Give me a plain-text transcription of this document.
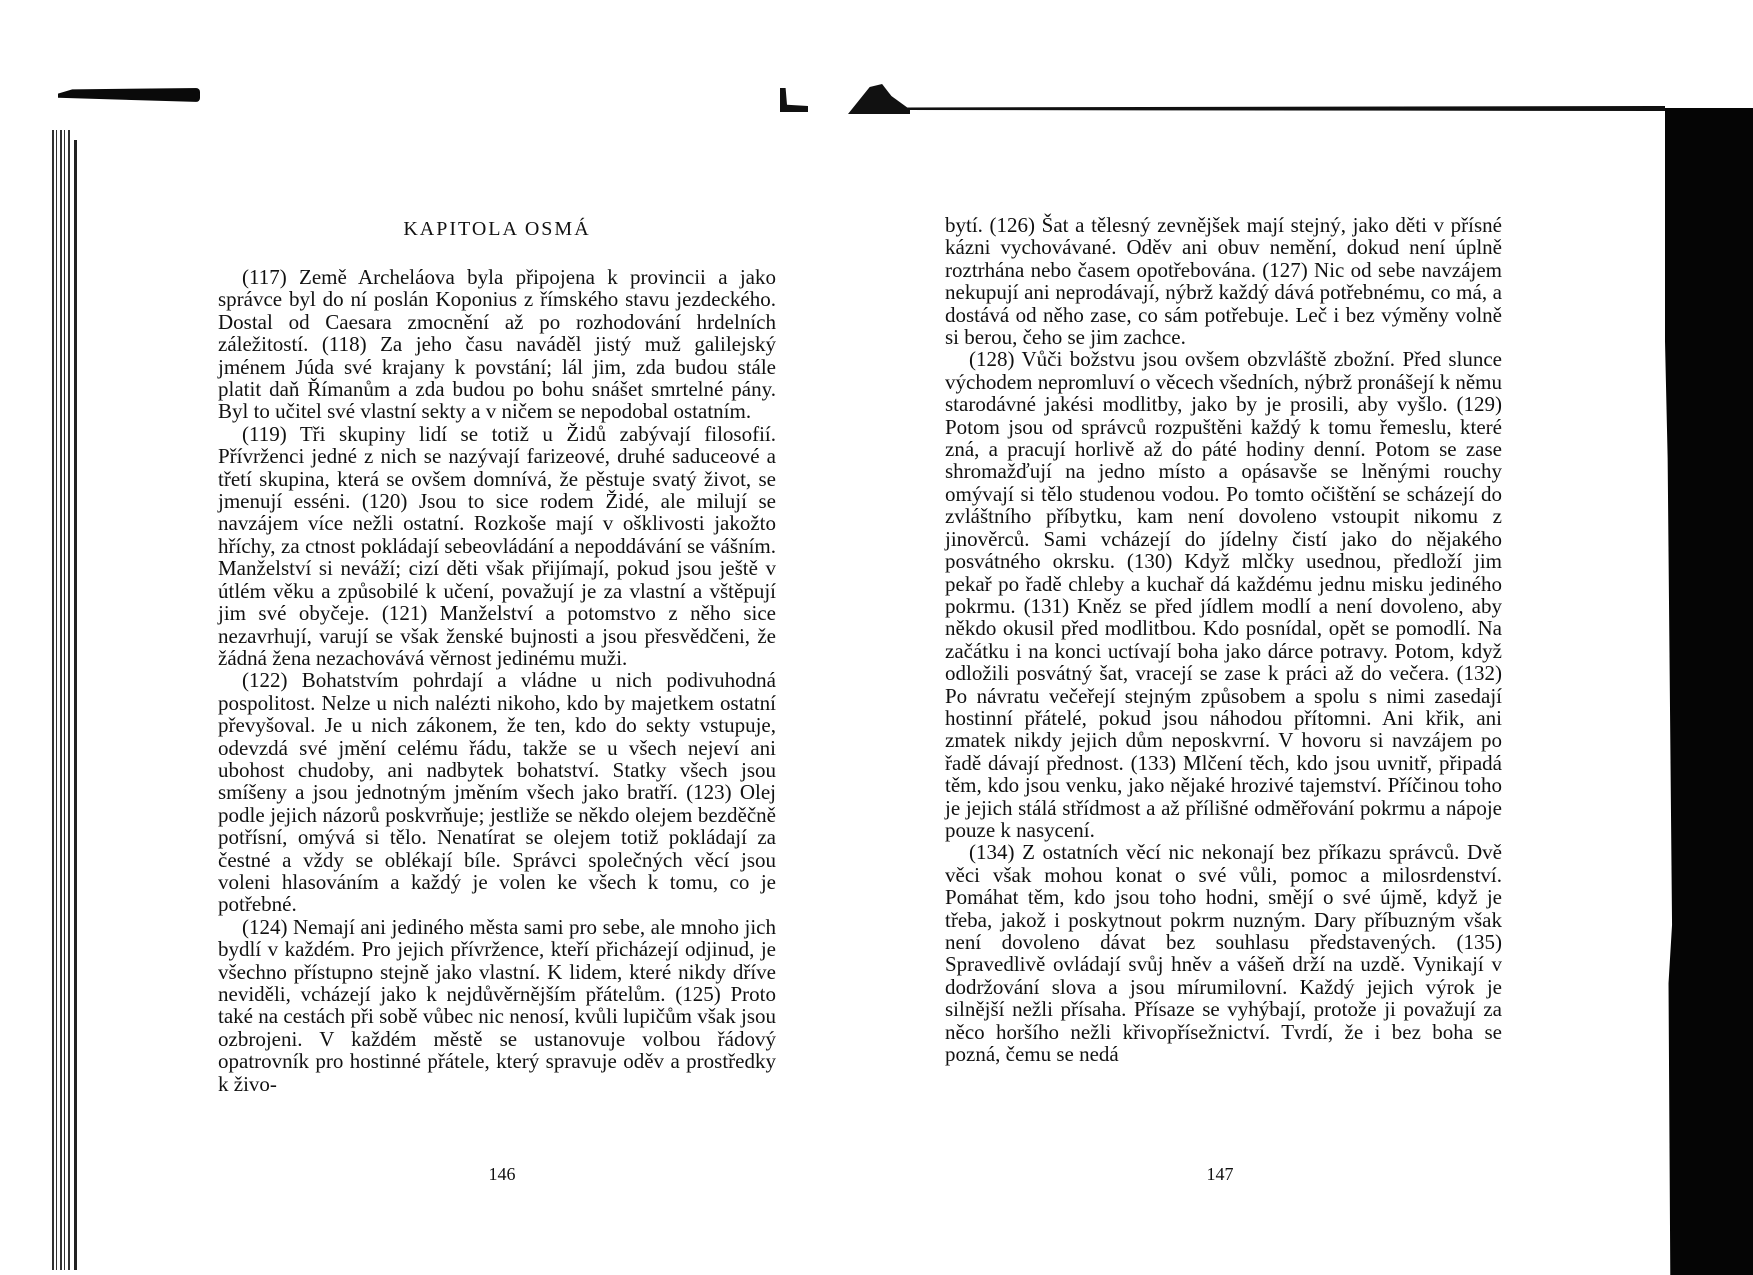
KAPITOLA OSMÁ

(117) Země Archeláova byla připojena k provincii a jako správce byl do ní poslán Koponius z římského stavu jezdeckého. Dostal od Caesara zmocnění až po rozhodování hrdelních záležitostí. (118) Za jeho času naváděl jistý muž galilejský jménem Júda své krajany k povstání; lál jim, zda budou stále platit daň Římanům a zda budou po bohu snášet smrtelné pány. Byl to učitel své vlastní sekty a v ničem se nepodobal ostatním.

(119) Tři skupiny lidí se totiž u Židů zabývají filosofií. Přívrženci jedné z nich se nazývají farizeové, druhé saduceové a třetí skupina, která se ovšem domnívá, že pěstuje svatý život, se jmenují esséni. (120) Jsou to sice rodem Židé, ale milují se navzájem více nežli ostatní. Rozkoše mají v ošklivosti jakožto hříchy, za ctnost pokládají sebeovládání a nepoddávání se vášním. Manželství si neváží; cizí děti však přijímají, pokud jsou ještě v útlém věku a způsobilé k učení, považují je za vlastní a vštěpují jim své obyčeje. (121) Manželství a potomstvo z něho sice nezavrhují, varují se však ženské bujnosti a jsou přesvědčeni, že žádná žena nezachovává věrnost jedinému muži.

(122) Bohatstvím pohrdají a vládne u nich podivuhodná pospolitost. Nelze u nich nalézti nikoho, kdo by majetkem ostatní převyšoval. Je u nich zákonem, že ten, kdo do sekty vstupuje, odevzdá své jmění celému řádu, takže se u všech nejeví ani ubohost chudoby, ani nadbytek bohatství. Statky všech jsou smíšeny a jsou jednotným jměním všech jako bratří. (123) Olej podle jejich názorů poskvrňuje; jestliže se někdo olejem bezděčně potřísní, omývá si tělo. Nenatírat se olejem totiž pokládají za čestné a vždy se oblékají bíle. Správci společných věcí jsou voleni hlasováním a každý je volen ke všech k tomu, co je potřebné.

(124) Nemají ani jediného města sami pro sebe, ale mnoho jich bydlí v každém. Pro jejich přívržence, kteří přicházejí odjinud, je všechno přístupno stejně jako vlastní. K lidem, které nikdy dříve neviděli, vcházejí jako k nejdůvěrnějším přátelům. (125) Proto také na cestách při sobě vůbec nic nenosí, kvůli lupičům však jsou ozbrojeni. V každém městě se ustanovuje volbou řádový opatrovník pro hostinné přátele, který spravuje oděv a prostředky k živo-

146

bytí. (126) Šat a tělesný zevnějšek mají stejný, jako děti v přísné kázni vychovávané. Oděv ani obuv nemění, dokud není úplně roztrhána nebo časem opotřebována. (127) Nic od sebe navzájem nekupují ani neprodávají, nýbrž každý dává potřebnému, co má, a dostává od něho zase, co sám potřebuje. Leč i bez výměny volně si berou, čeho se jim zachce.

(128) Vůči božstvu jsou ovšem obzvláště zbožní. Před slunce východem nepromluví o věcech všedních, nýbrž pronášejí k němu starodávné jakési modlitby, jako by je prosili, aby vyšlo. (129) Potom jsou od správců rozpuštěni každý k tomu řemeslu, které zná, a pracují horlivě až do páté hodiny denní. Potom se zase shromažďují na jedno místo a opásavše se lněnými rouchy omývají si tělo studenou vodou. Po tomto očištění se scházejí do zvláštního příbytku, kam není dovoleno vstoupit nikomu z jinověrců. Sami vcházejí do jídelny čistí jako do nějakého posvátného okrsku. (130) Když mlčky usednou, předloží jim pekař po řadě chleby a kuchař dá každému jednu misku jediného pokrmu. (131) Kněz se před jídlem modlí a není dovoleno, aby někdo okusil před modlitbou. Kdo posnídal, opět se pomodlí. Na začátku i na konci uctívají boha jako dárce potravy. Potom, když odložili posvátný šat, vracejí se zase k práci až do večera. (132) Po návratu večeřejí stejným způsobem a spolu s nimi zasedají hostinní přátelé, pokud jsou náhodou přítomni. Ani křik, ani zmatek nikdy jejich dům neposkvrní. V hovoru si navzájem po řadě dávají přednost. (133) Mlčení těch, kdo jsou uvnitř, připadá těm, kdo jsou venku, jako nějaké hrozivé tajemství. Příčinou toho je jejich stálá střídmost a až přílišné odměřování pokrmu a nápoje pouze k nasycení.

(134) Z ostatních věcí nic nekonají bez příkazu správců. Dvě věci však mohou konat o své vůli, pomoc a milosrdenství. Pomáhat těm, kdo jsou toho hodni, smějí o své újmě, když je třeba, jakož i poskytnout pokrm nuzným. Dary příbuzným však není dovoleno dávat bez souhlasu představených. (135) Spravedlivě ovládají svůj hněv a vášeň drží na uzdě. Vynikají v dodržování slova a jsou mírumilovní. Každý jejich výrok je silnější nežli přísaha. Přísaze se vyhýbají, protože ji považují za něco horšího nežli křivopřísežnictví. Tvrdí, že i bez boha se pozná, čemu se nedá

147
